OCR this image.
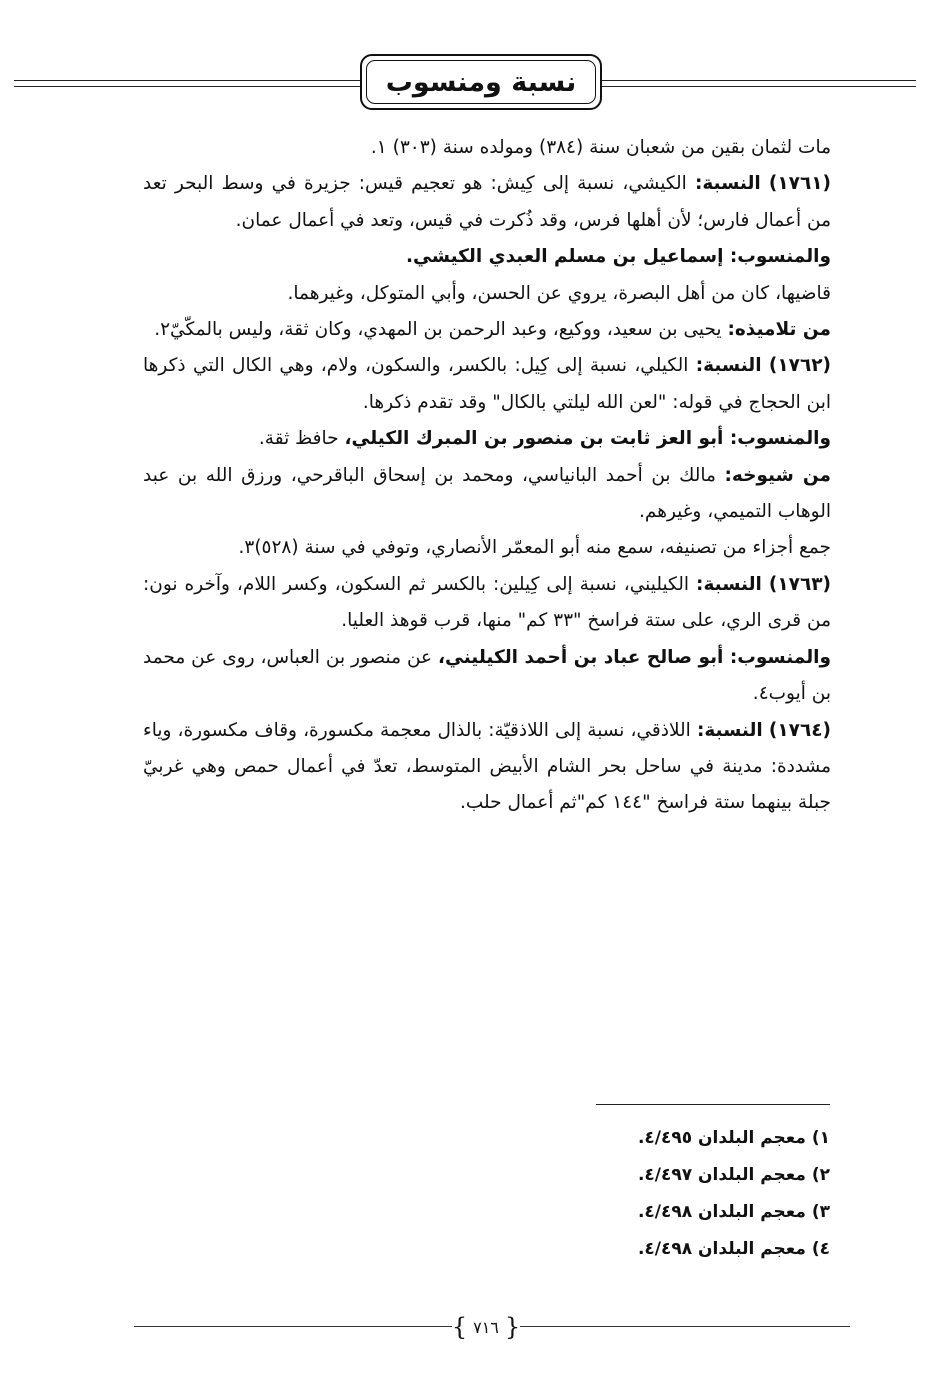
نسبة ومنسوب

مات لثمان بقين من شعبان سنة (٣٨٤) ومولده سنة (٣٠٣) ١.

(١٧٦١) النسبة: الكيشي، نسبة إلى كِيش: هو تعجيم قيس: جزيرة في وسط البحر تعد من أعمال فارس؛ لأن أهلها فرس، وقد ذُكرت في قيس، وتعد في أعمال عمان.

والمنسوب: إسماعيل بن مسلم العبدي الكيشي.

قاضيها، كان من أهل البصرة، يروي عن الحسن، وأبي المتوكل، وغيرهما.

من تلاميذه: يحيى بن سعيد، ووكيع، وعبد الرحمن بن المهدي، وكان ثقة، وليس بالمكّيّ٢.

(١٧٦٢) النسبة: الكيلي، نسبة إلى كِيل: بالكسر، والسكون، ولام، وهي الكال التي ذكرها ابن الحجاج في قوله: "لعن الله ليلتي بالكال" وقد تقدم ذكرها.

والمنسوب: أبو العز ثابت بن منصور بن المبرك الكيلي، حافظ ثقة.

من شيوخه: مالك بن أحمد البانياسي، ومحمد بن إسحاق الباقرحي، ورزق الله بن عبد الوهاب التميمي، وغيرهم.

جمع أجزاء من تصنيفه، سمع منه أبو المعمّر الأنصاري، وتوفي في سنة (٥٢٨)٣.

(١٧٦٣) النسبة: الكيليني، نسبة إلى كِيلين: بالكسر ثم السكون، وكسر اللام، وآخره نون: من قرى الري، على ستة فراسخ "٣٣ كم" منها، قرب قوهذ العليا.

والمنسوب: أبو صالح عباد بن أحمد الكيليني، عن منصور بن العباس، روى عن محمد بن أيوب٤.

(١٧٦٤) النسبة: اللاذقي، نسبة إلى اللاذقيّة: بالذال معجمة مكسورة، وقاف مكسورة، وياء مشددة: مدينة في ساحل بحر الشام الأبيض المتوسط، تعدّ في أعمال حمص وهي غربيّ جبلة بينهما ستة فراسخ "١٤٤ كم"ثم أعمال حلب.

١) معجم البلدان ٤/٤٩٥.
٢) معجم البلدان ٤/٤٩٧.
٣) معجم البلدان ٤/٤٩٨.
٤) معجم البلدان ٤/٤٩٨.
{ ٧١٦ }
